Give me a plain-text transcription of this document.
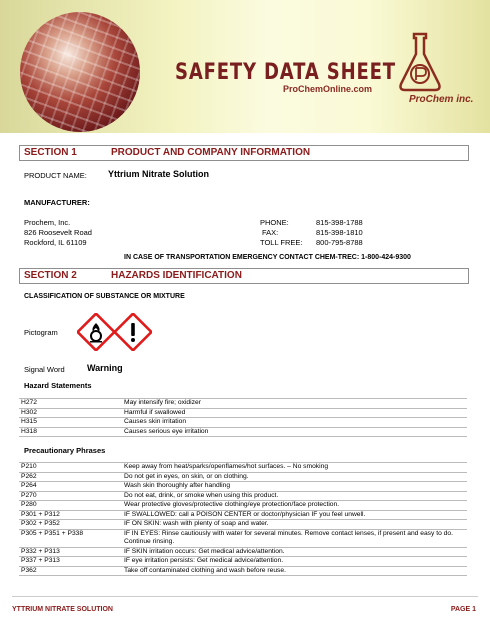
SAFETY DATA SHEET
ProChemOnline.com
ProChem inc.
SECTION 1	PRODUCT AND COMPANY INFORMATION
PRODUCT NAME: Yttrium Nitrate Solution
MANUFACTURER:
Prochem, Inc.
826 Roosevelt Road
Rockford, IL 61109
PHONE:	815-398-1788
FAX:	815-398-1810
TOLL FREE: 800-795-8788
IN CASE OF TRANSPORTATION EMERGENCY CONTACT CHEM-TREC: 1-800-424-9300
SECTION 2	HAZARDS IDENTIFICATION
CLASSIFICATION OF SUBSTANCE OR MIXTURE
Pictogram
Signal Word Warning
Hazard Statements
H272	May intensify fire; oxidizer
H302	Harmful if swallowed
H315	Causes skin irritation
H318	Causes serious eye irritation
Precautionary Phrases
P210	Keep away from heat/sparks/openflames/hot surfaces. – No smoking
P262	Do not get in eyes, on skin, or on clothing.
P264	Wash skin thoroughly after handling
P270	Do not eat, drink, or smoke when using this product.
P280	Wear protective gloves/protective clothing/eye protection/face protection.
P301 + P312	IF SWALLOWED: call a POISON CENTER or doctor/physician IF you feel unwell.
P302 + P352	IF ON SKIN: wash with plenty of soap and water.
P305 + P351 + P338	IF IN EYES: Rinse cautiously with water for several minutes. Remove contact lenses, if present and easy to do. Continue rinsing.
P332 + P313	IF SKIN irritation occurs: Get medical advice/attention.
P337 + P313	IF eye irritation persists: Get medical advice/attention.
P362	Take off contaminated clothing and wash before reuse.
YTTRIUM NITRATE SOLUTION	PAGE 1
